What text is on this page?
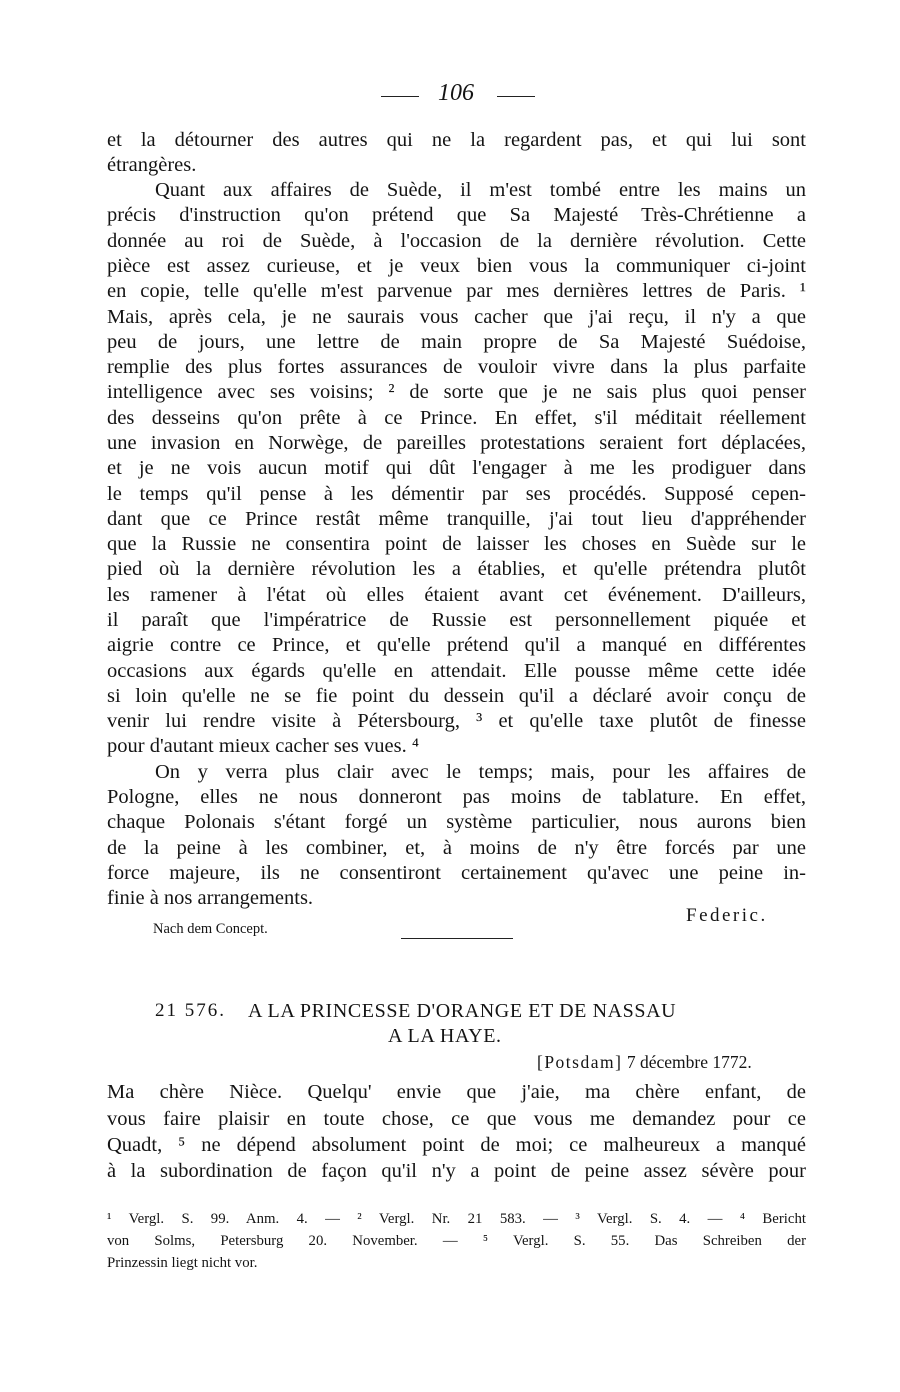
106
et la détourner des autres qui ne la regardent pas, et qui lui sont
étrangères.
Quant aux affaires de Suède, il m'est tombé entre les mains un
précis d'instruction qu'on prétend que Sa Majesté Très-Chrétienne a
donnée au roi de Suède, à l'occasion de la dernière révolution. Cette
pièce est assez curieuse, et je veux bien vous la communiquer ci-joint
en copie, telle qu'elle m'est parvenue par mes dernières lettres de Paris. ¹
Mais, après cela, je ne saurais vous cacher que j'ai reçu, il n'y a que
peu de jours, une lettre de main propre de Sa Majesté Suédoise,
remplie des plus fortes assurances de vouloir vivre dans la plus parfaite
intelligence avec ses voisins; ² de sorte que je ne sais plus quoi penser
des desseins qu'on prête à ce Prince. En effet, s'il méditait réellement
une invasion en Norwège, de pareilles protestations seraient fort déplacées,
et je ne vois aucun motif qui dût l'engager à me les prodiguer dans
le temps qu'il pense à les démentir par ses procédés. Supposé cepen-
dant que ce Prince restât même tranquille, j'ai tout lieu d'appréhender
que la Russie ne consentira point de laisser les choses en Suède sur le
pied où la dernière révolution les a établies, et qu'elle prétendra plutôt
les ramener à l'état où elles étaient avant cet événement. D'ailleurs,
il paraît que l'impératrice de Russie est personnellement piquée et
aigrie contre ce Prince, et qu'elle prétend qu'il a manqué en différentes
occasions aux égards qu'elle en attendait. Elle pousse même cette idée
si loin qu'elle ne se fie point du dessein qu'il a déclaré avoir conçu de
venir lui rendre visite à Pétersbourg, ³ et qu'elle taxe plutôt de finesse
pour d'autant mieux cacher ses vues. ⁴
On y verra plus clair avec le temps; mais, pour les affaires de
Pologne, elles ne nous donneront pas moins de tablature. En effet,
chaque Polonais s'étant forgé un système particulier, nous aurons bien
de la peine à les combiner, et, à moins de n'y être forcés par une
force majeure, ils ne consentiront certainement qu'avec une peine in-
finie à nos arrangements.
Federic.
Nach dem Concept.
21 576. A LA PRINCESSE D'ORANGE ET DE NASSAU
A LA HAYE.
[Potsdam] 7 décembre 1772.
Ma chère Nièce. Quelqu' envie que j'aie, ma chère enfant, de
vous faire plaisir en toute chose, ce que vous me demandez pour ce
Quadt, ⁵ ne dépend absolument point de moi; ce malheureux a manqué
à la subordination de façon qu'il n'y a point de peine assez sévère pour
¹ Vergl. S. 99. Anm. 4. — ² Vergl. Nr. 21 583. — ³ Vergl. S. 4. — ⁴ Bericht
von Solms, Petersburg 20. November. — ⁵ Vergl. S. 55. Das Schreiben der
Prinzessin liegt nicht vor.
